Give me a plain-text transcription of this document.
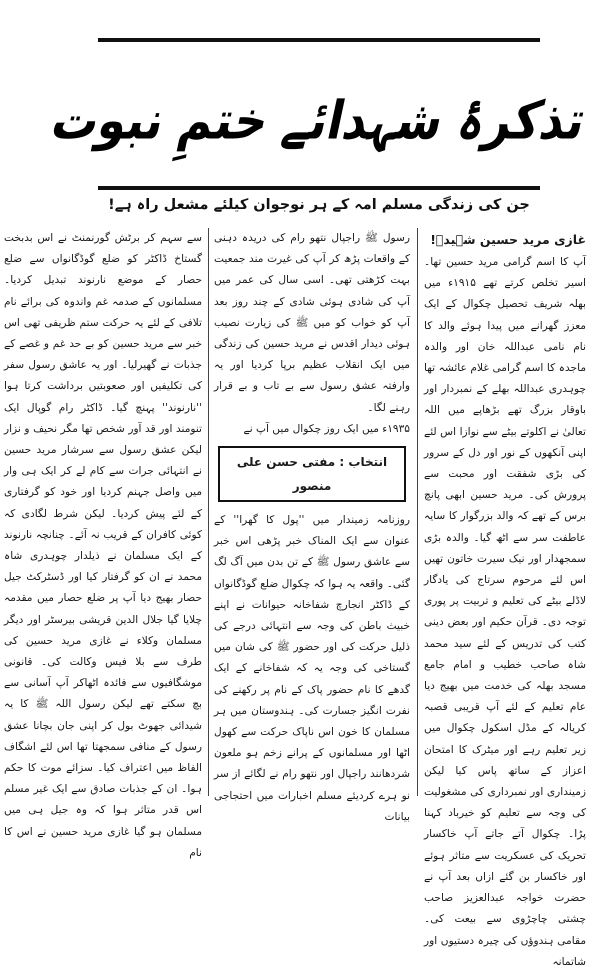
تذکرۂ شہدائے ختمِ نبوت
جن کی زندگی مسلم امہ کے ہر نوجوان کیلئے مشعل راہ ہے!
غازی مرید حسین شہیدؒ!
آپ کا اسم گرامی مرید حسین تھا۔ اسیر تخلص کرتے تھے ۱۹۱۵ء میں بھلہ شریف تحصیل چکوال کے ایک معزز گھرانے میں پیدا ہوئے والد کا نام نامی عبداللہ خان اور والدہ ماجدہ کا اسم گرامی غلام عائشہ تھا چوہدری عبداللہ بھلے کے نمبردار اور باوقار بزرگ تھے بڑھاپے میں اللہ تعالیٰ نے اکلوتے بیٹے سے نوازا اس لئے اپنی آنکھوں کے نور اور دل کے سرور کی بڑی شفقت اور محبت سے پرورش کی۔ مرید حسین ابھی پانچ برس کے تھے کہ والد بزرگوار کا سایہ عاطفت سر سے اٹھ گیا۔ والدہ بڑی سمجھدار اور نیک سیرت خاتون تھیں اس لئے مرحوم سرتاج کی یادگار لاڈلے بیٹے کی تعلیم و تربیت پر پوری توجہ دی۔ قرآن حکیم اور بعض دینی کتب کی تدریس کے لئے سید محمد شاہ صاحب خطیب و امام جامع مسجد بھلہ کی خدمت میں بھیج دیا عام تعلیم کے لئے آپ قریبی قصبہ کریالہ کے مڈل اسکول چکوال میں زیر تعلیم رہے اور میٹرک کا امتحان اعزاز کے ساتھ پاس کیا لیکن زمینداری اور نمبرداری کی مشغولیت کی وجہ سے تعلیم کو خیرباد کہنا پڑا۔ چکوال آتے جاتے آپ خاکسار تحریک کی عسکریت سے متاثر ہوئے اور خاکسار بن گئے ازاں بعد آپ نے حضرت خواجہ عبدالعزیز صاحب چشتی چاچڑوی سے بیعت کی۔ مقامی ہندوؤں کی چیرہ دستیوں اور شاتمانہ
رسول ﷺ راجپال نتھو رام کی دریدہ دہنی کے واقعات پڑھ کر آپ کی غیرت مند جمعیت بہت کڑھتی تھی۔ اسی سال کی عمر میں آپ کی شادی ہوئی شادی کے چند روز بعد آپ کو خواب کو میں ﷺ کی زیارت نصیب ہوئی دیدار اقدس نے مرید حسین کی زندگی میں ایک انقلاب عظیم برپا کردیا اور یہ وارفتہ عشق رسول سے بے تاب و بے قرار رہنے لگا۔
۱۹۳۵ء میں ایک روز چکوال میں آپ نے
انتخاب : مفتی حسن علی منصور
روزنامہ زمیندار میں ''پول کا گھرا'' کے عنوان سے ایک المناک خبر پڑھی اس خبر سے عاشق رسول ﷺ کے تن بدن میں آگ لگ گئی۔ واقعہ یہ ہوا کہ چکوال ضلع گوڈگانواں کے ڈاکٹر انجارچ شفاخانہ حیوانات نے اپنے خبیث باطن کی وجہ سے انتہائی درجے کی ذلیل حرکت کی اور حضور ﷺ کی شان میں گستاخی کی وجہ یہ کہ شفاخانے کے ایک گدھے کا نام حضور پاک کے نام پر رکھنے کی نفرت انگیز جسارت کی۔ ہندوستان میں ہر مسلمان کا خون اس ناپاک حرکت سے کھول اٹھا اور مسلمانوں کے پرانے زخم ہو ملعون شردھانند راجپال اور نتھو رام نے لگائے از سر نو ہرے کردیئے مسلم اخبارات میں احتجاجی بیانات
سے سہم کر برٹش گورنمنٹ نے اس بدبخت گستاخ ڈاکٹر کو ضلع گوڈگانواں سے ضلع حصار کے موضع نارنوند تبدیل کردیا۔ مسلمانوں کے صدمہ غم واندوہ کی برائے نام تلافی کے لئے یہ حرکت ستم ظریفی تھی اس خبر سے مرید حسین کو بے حد غم و غصے کے جذبات نے گھیرلیا۔ اور یہ عاشق رسول سفر کی تکلیفیں اور صعوبتیں برداشت کرتا ہوا ''نارنوند'' پہنچ گیا۔ ڈاکٹر رام گوپال ایک تنومند اور قد آور شخص تھا مگر نحیف و نزار لیکن عشق رسول سے سرشار مرید حسین نے انتہائی جرات سے کام لے کر ایک ہی وار میں واصل جہنم کردیا اور خود کو گرفتاری کے لئے پیش کردیا۔ لیکن شرط لگادی کہ کوئی کافران کے قریب نہ آئے۔ چنانچہ نارنوند کے ایک مسلمان نے ذیلدار چوہدری شاہ محمد نے ان کو گرفتار کیا اور ڈسٹرکٹ جیل حصار بھیج دیا آپ پر ضلع حصار میں مقدمہ چلایا گیا جلال الدین قریشی بیرسٹر اور دیگر مسلمان وکلاء نے غازی مرید حسین کی طرف سے بلا فیس وکالت کی۔ قانونی موشگافیوں سے فائدہ اٹھاکر آپ آسانی سے بچ سکتے تھے لیکن رسول اللہ ﷺ کا یہ شیدائی جھوٹ بول کر اپنی جان بچانا عشق رسول کے منافی سمجھتا تھا اس لئے اشگاف الفاظ میں اعتراف کیا۔ سزائے موت کا حکم ہوا۔ ان کے جذبات صادق سے ایک غیر مسلم اس قدر متاثر ہوا کہ وہ جیل ہی میں مسلمان ہو گیا غازی مرید حسین نے اس کا نام
